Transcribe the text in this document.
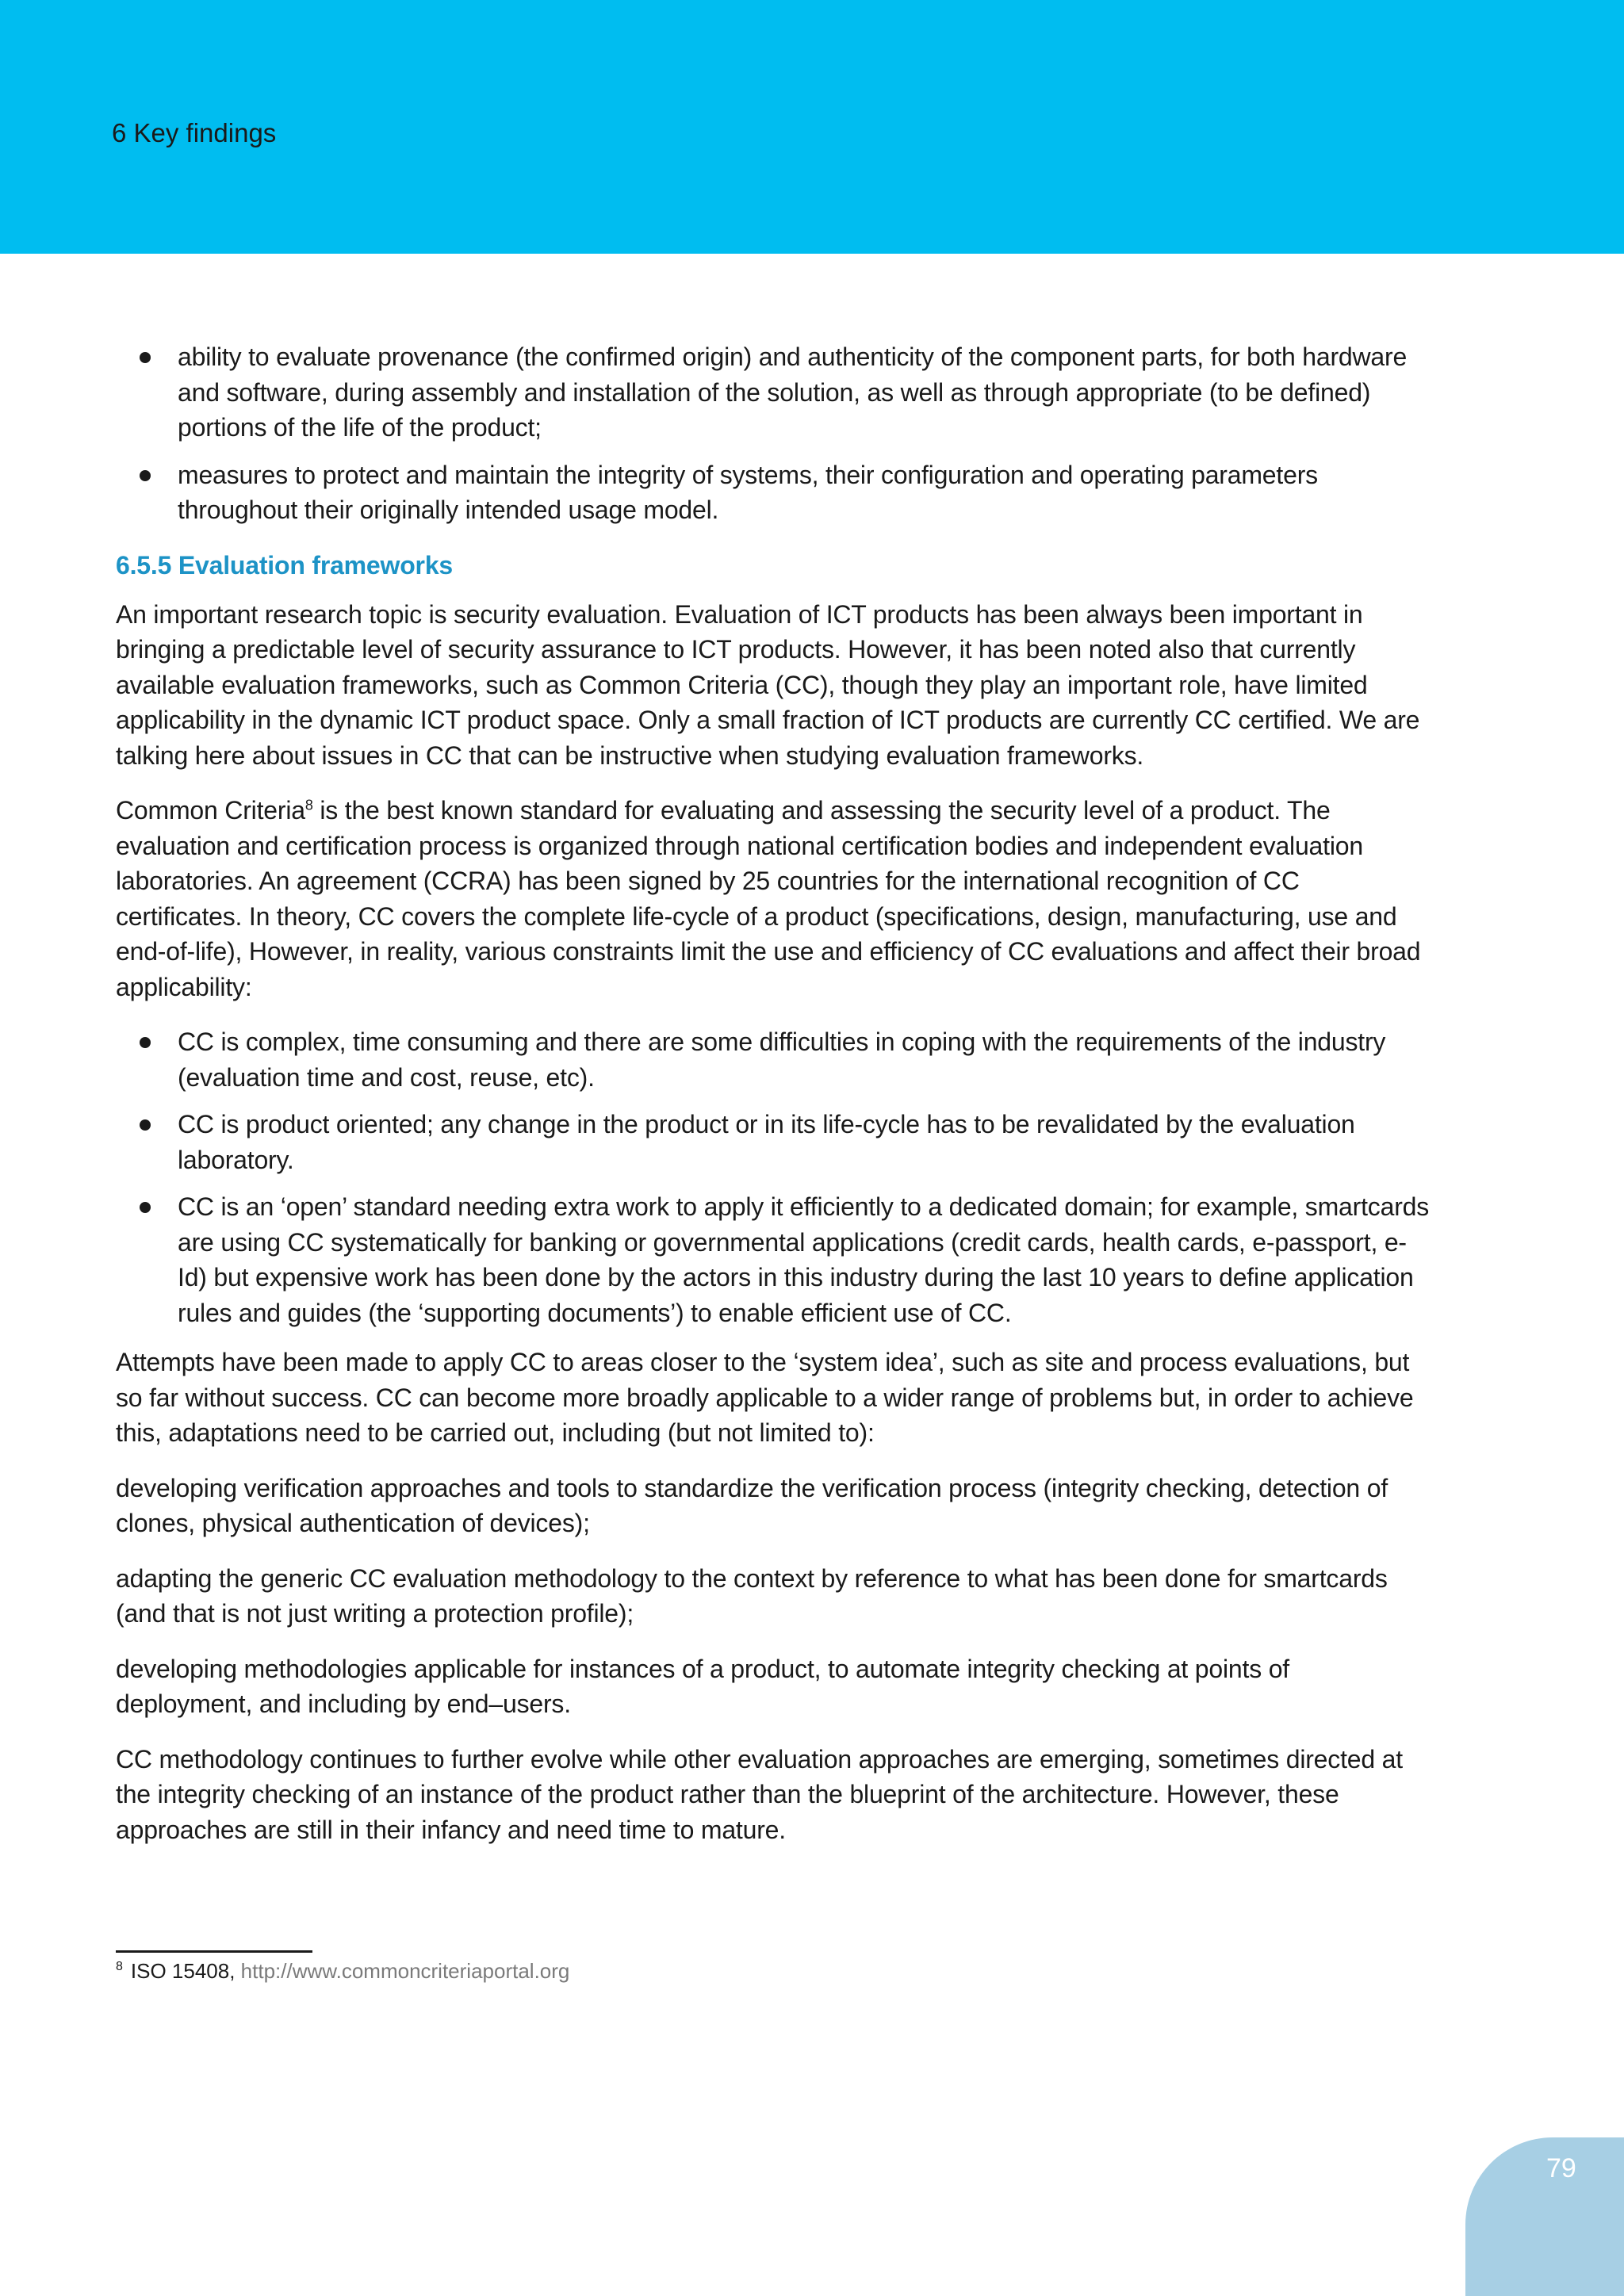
6 Key findings
ability to evaluate provenance (the confirmed origin) and authenticity of the component parts, for both hardware and software, during assembly and installation of the solution, as well as through appropriate (to be defined) portions of the life of the product;
measures to protect and maintain the integrity of systems, their configuration and operating parameters throughout their originally intended usage model.
6.5.5 Evaluation frameworks

An important research topic is security evaluation. Evaluation of ICT products has been always been important in bringing a predictable level of security assurance to ICT products. However, it has been noted also that currently available evaluation frameworks, such as Common Criteria (CC), though they play an important role, have limited applicability in the dynamic ICT product space. Only a small fraction of ICT products are currently CC certified. We are talking here about issues in CC that can be instructive when studying evaluation frameworks.

Common Criteria$^8$ is the best known standard for evaluating and assessing the security level of a product. The evaluation and certification process is organized through national certification bodies and independent evaluation laboratories. An agreement (CCRA) has been signed by 25 countries for the international recognition of CC certificates. In theory, CC covers the complete life-cycle of a product (specifications, design, manufacturing, use and end-of-life), However, in reality, various constraints limit the use and efficiency of CC evaluations and affect their broad applicability:

CC is complex, time consuming and there are some difficulties in coping with the requirements of the industry (evaluation time and cost, reuse, etc).
CC is product oriented; any change in the product or in its life-cycle has to be revalidated by the evaluation laboratory.
CC is an ‘open’ standard needing extra work to apply it efficiently to a dedicated domain; for example, smartcards are using CC systematically for banking or governmental applications (credit cards, health cards, e-passport, e-Id) but expensive work has been done by the actors in this industry during the last 10 years to define application rules and guides (the ‘supporting documents’) to enable efficient use of CC.

Attempts have been made to apply CC to areas closer to the ‘system idea’, such as site and process evaluations, but so far without success. CC can become more broadly applicable to a wider range of problems but, in order to achieve this, adaptations need to be carried out, including (but not limited to):

developing verification approaches and tools to standardize the verification process (integrity checking, detection of clones, physical authentication of devices);

adapting the generic CC evaluation methodology to the context by reference to what has been done for smartcards (and that is not just writing a protection profile);

developing methodologies applicable for instances of a product, to automate integrity checking at points of deployment, and including by end–users.

CC methodology continues to further evolve while other evaluation approaches are emerging, sometimes directed at the integrity checking of an instance of the product rather than the blueprint of the architecture. However, these approaches are still in their infancy and need time to mature.

$^8$ ISO 15408, http://www.commoncriteriaportal.org
79
